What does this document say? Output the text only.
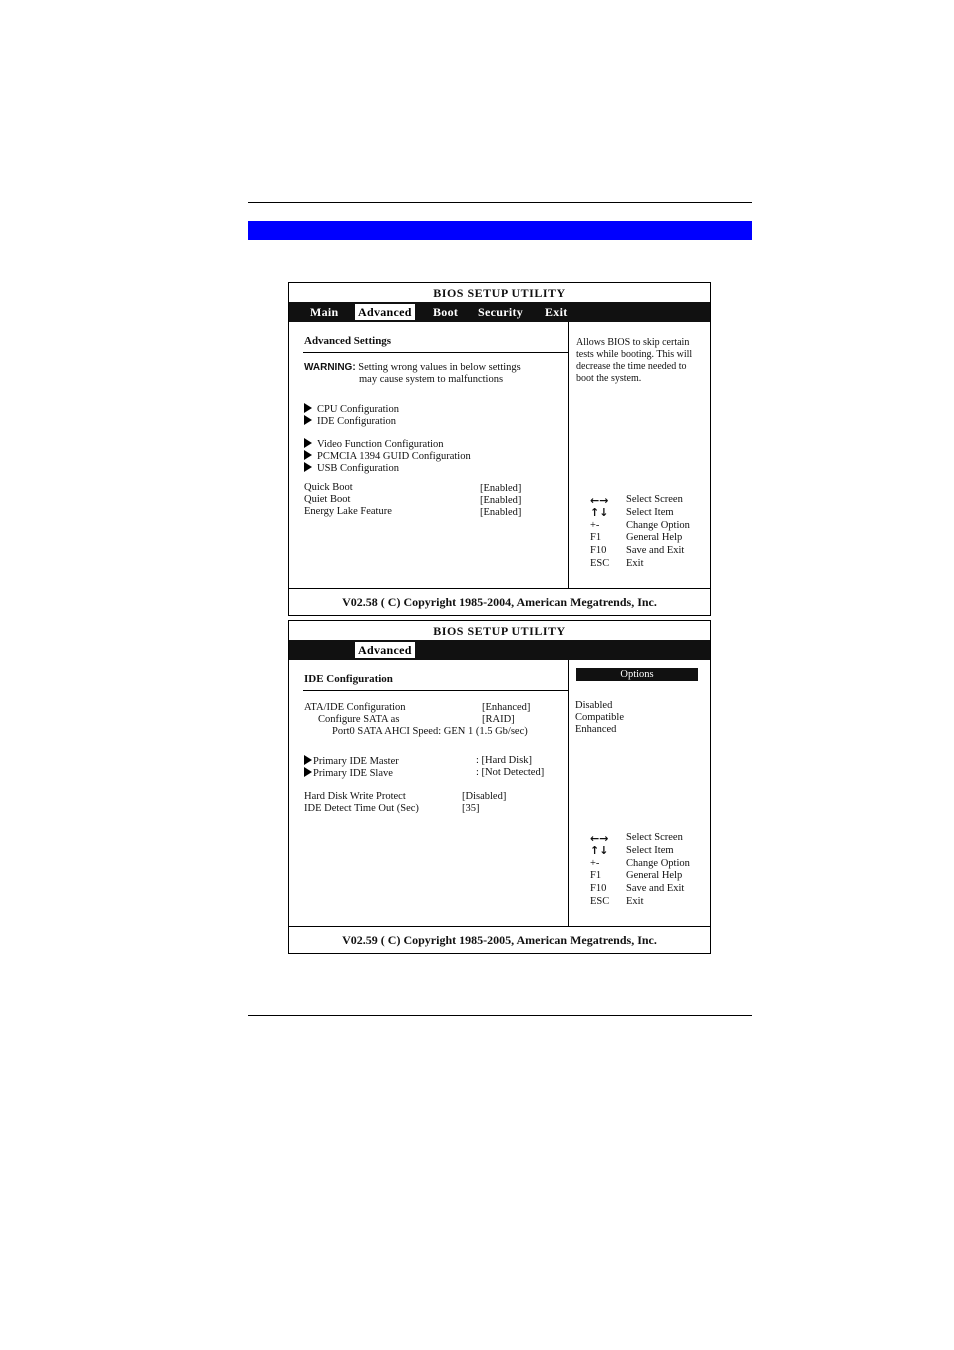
BIOS SETUP UTILITY
Main Advanced Boot Security Exit
Advanced Settings
WARNING: Setting wrong values in below settings
may cause system to malfunctions
CPU Configuration
IDE Configuration
Video Function Configuration
PCMCIA 1394 GUID Configuration
USB Configuration
Quick Boot	[Enabled]
Quiet Boot	[Enabled]
Energy Lake Feature	[Enabled]
Allows BIOS to skip certain tests while booting. This will decrease the time needed to boot the system.
←→ Select Screen
↑↓ Select Item
+-	Change Option
F1 General Help
F10 Save and Exit
ESC Exit
V02.58 ( C) Copyright 1985-2004, American Megatrends, Inc.
BIOS SETUP UTILITY
Advanced
IDE Configuration
ATA/IDE Configuration	[Enhanced]
Configure SATA as	[RAID]
Port0 SATA AHCI Speed: GEN 1 (1.5 Gb/sec)
Primary IDE Master	: [Hard Disk]
Primary IDE Slave	: [Not Detected]
Hard Disk Write Protect	[Disabled]
IDE Detect Time Out (Sec)	[35]
Options
Disabled
Compatible
Enhanced
←→ Select Screen
↑↓ Select Item
+-	Change Option
F1 General Help
F10 Save and Exit
ESC Exit
V02.59 ( C) Copyright 1985-2005, American Megatrends, Inc.
